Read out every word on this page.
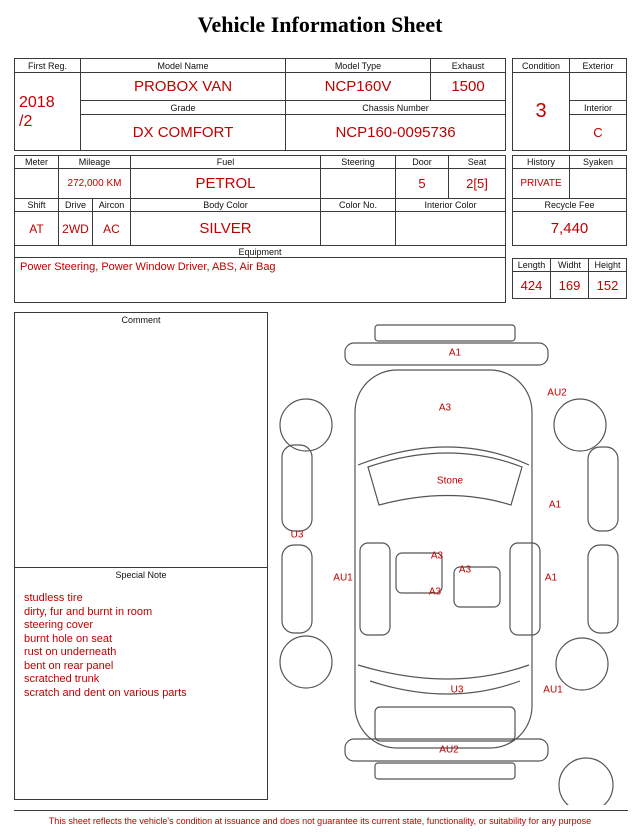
Vehicle Information Sheet
First Reg.	Model Name	Model Type	Exhaust

2018
/2	PROBOX VAN	NCP160V	1500
	Grade	Chassis Number	
	DX COMFORT	NCP160-0095736	
Condition	Exterior
3	
	Interior
	C
Meter	Mileage		Fuel	Steering	Door	Seat
	272,000 KM		PETROL		5	2[5]
Shift	Drive	Aircon	Body Color	Color No.	Interior Color	
AT	2WD	AC	SILVER			
Equipment						
Power Steering, Power Window Driver, ABS, Air Bag						
History	Syaken
PRIVATE	
Recycle Fee	
7,440	
Length	Widht	Height
424	169	152
Comment
Special Note
studless tire
dirty, fur and burnt in room
steering cover
burnt hole on seat
rust on underneath
bent on rear panel
scratched trunk
scratch and dent on various parts
A1
AU2
A3
Stone
A1
U3
A3
A3
AU1	A1
A3
U3	AU1
AU2
This sheet reflects the vehicle's condition at issuance and does not guarantee its current state, functionality, or suitability for any purpose
